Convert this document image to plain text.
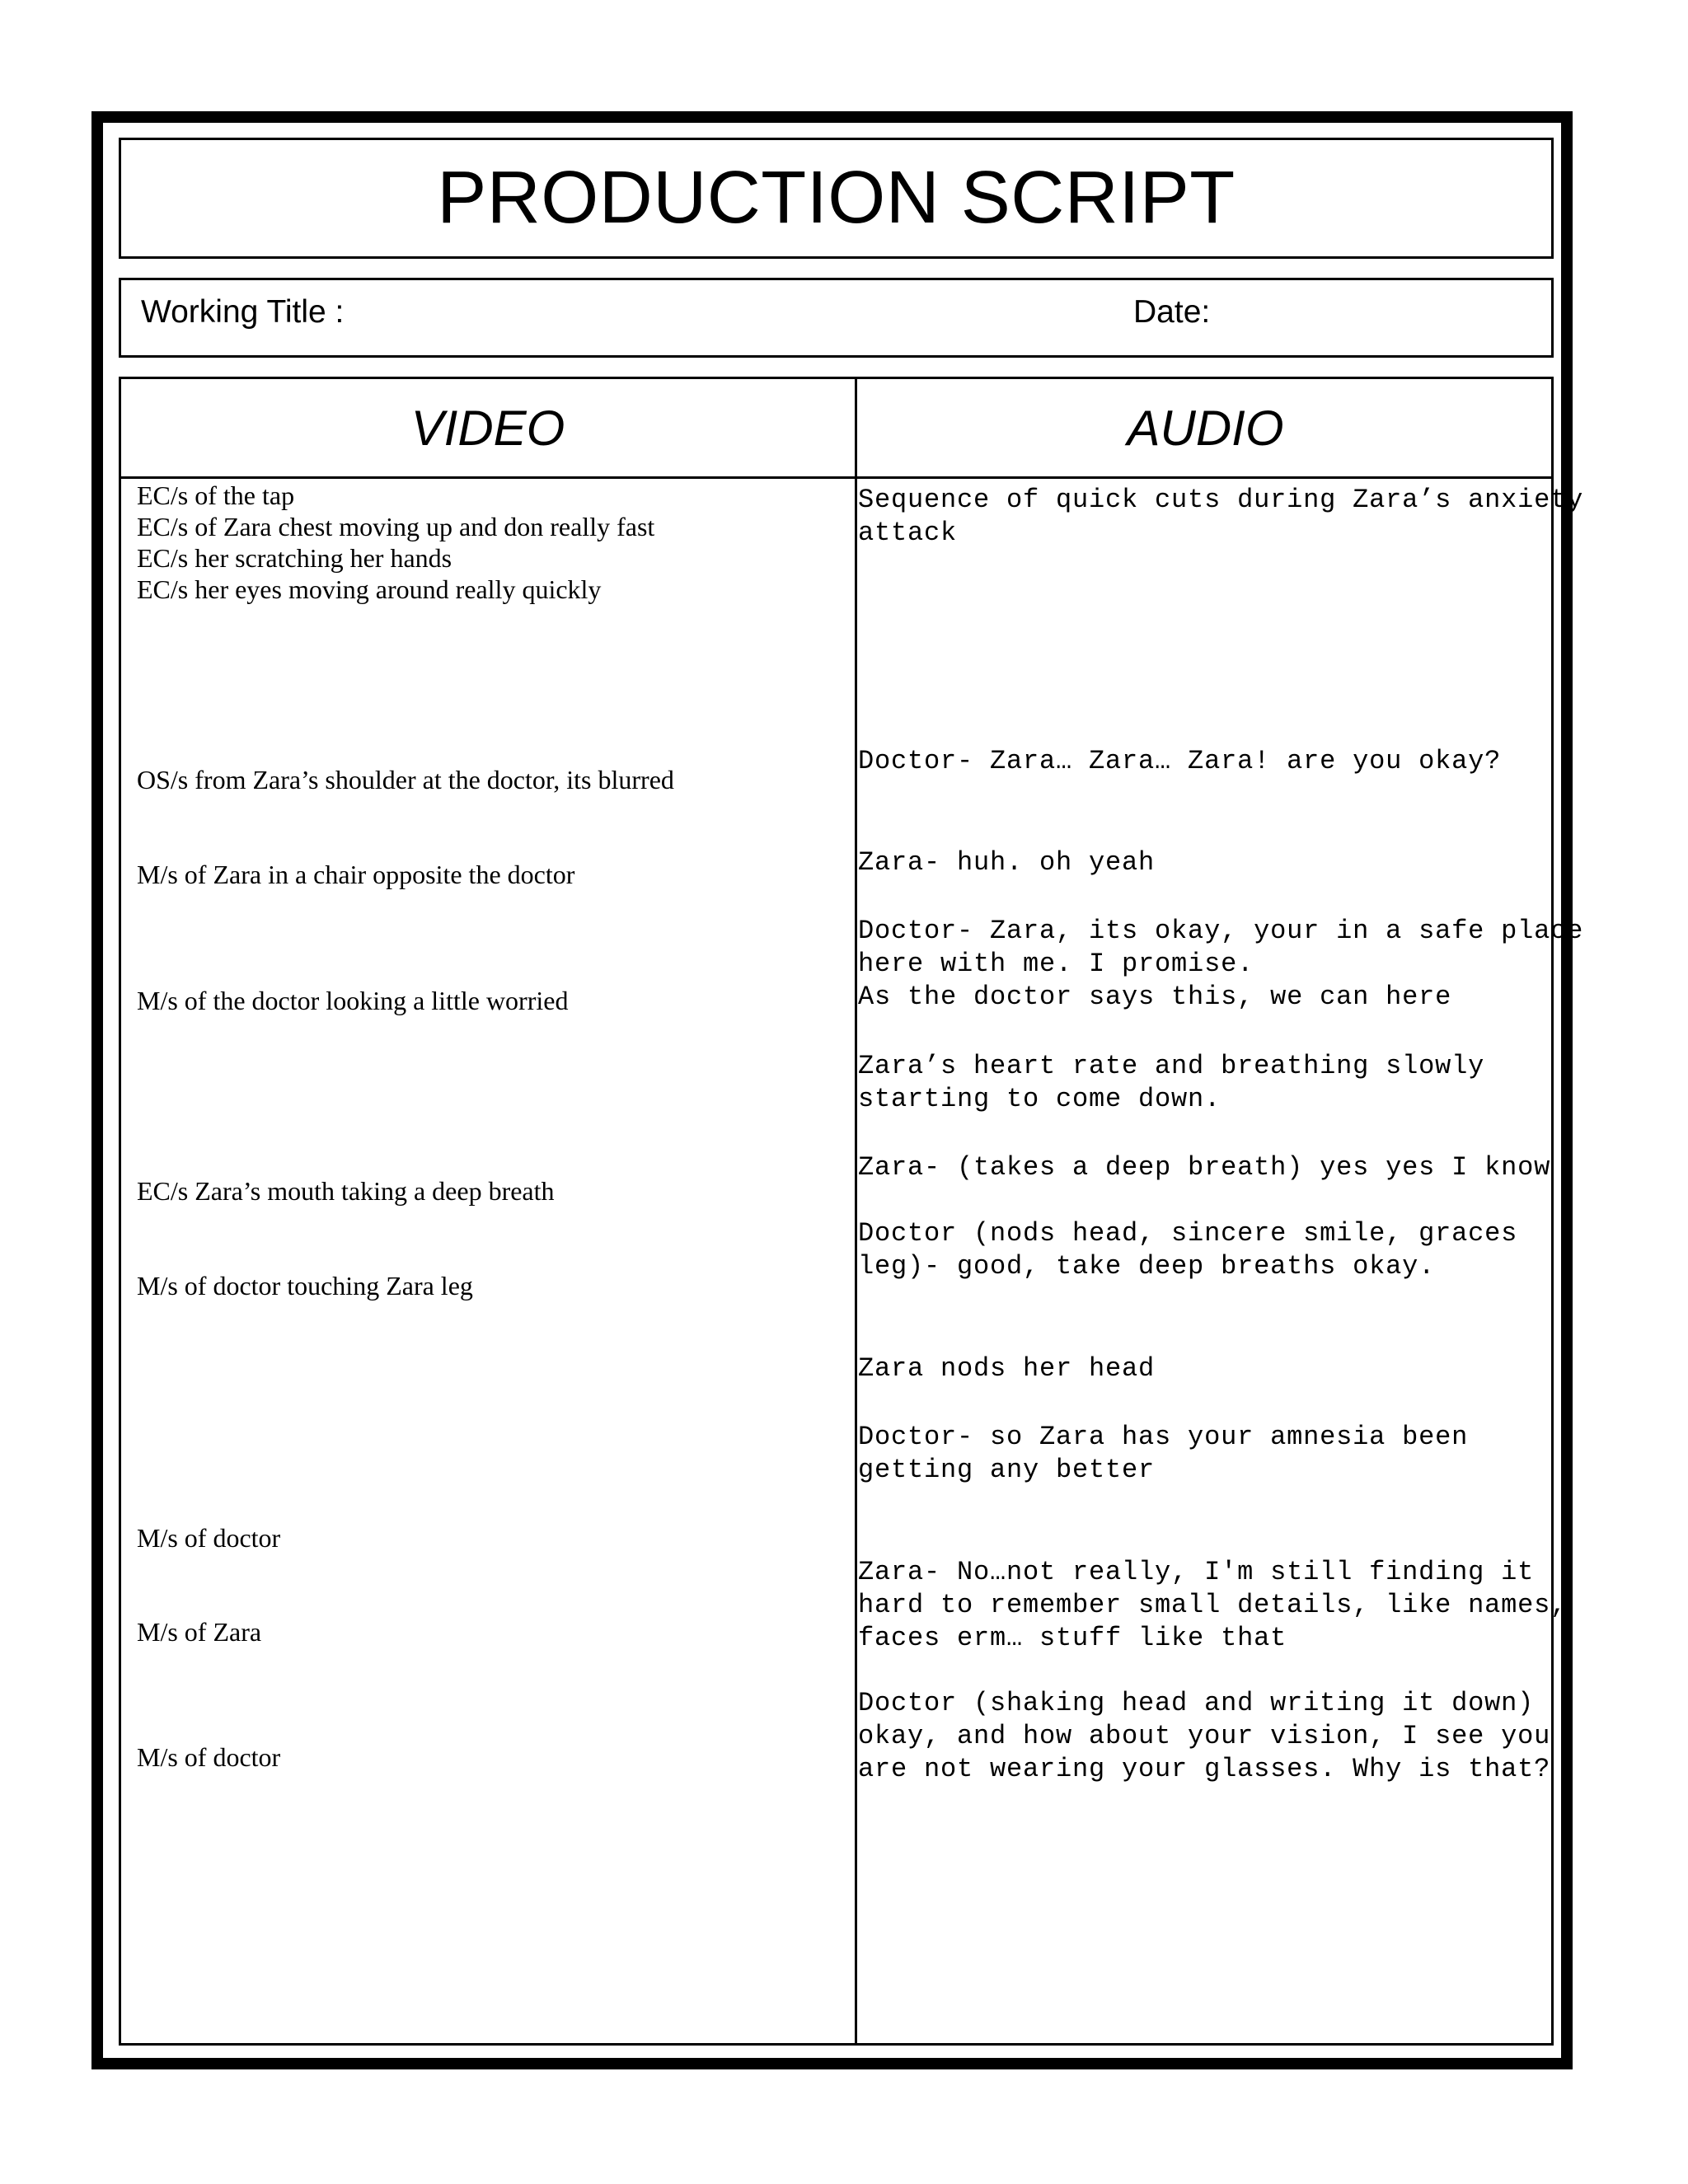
PRODUCTION SCRIPT
Working Title :	Date:
VIDEO	AUDIO
EC/s of the tap
EC/s of Zara chest moving up and don really fast
EC/s her scratching her hands
EC/s her eyes moving around really quickly
OS/s from Zara’s shoulder at the doctor, its blurred
M/s of Zara in a chair opposite the doctor
M/s of the doctor looking a little worried
EC/s Zara’s mouth taking a deep breath
M/s of doctor touching Zara leg
M/s of doctor
M/s of Zara
M/s of doctor
Sequence of quick cuts during Zara’s anxiety
attack
Doctor- Zara… Zara… Zara! are you okay?
Zara- huh. oh yeah
Doctor- Zara, its okay, your in a safe place
here with me. I promise.
As the doctor says this, we can here
Zara’s heart rate and breathing slowly
starting to come down.
Zara- (takes a deep breath) yes yes I know
Doctor (nods head, sincere smile, graces
leg)- good, take deep breaths okay.
Zara nods her head
Doctor- so Zara has your amnesia been
getting any better
Zara- No…not really, I'm still finding it
hard to remember small details, like names,
faces erm… stuff like that
Doctor (shaking head and writing it down)
okay, and how about your vision, I see you
are not wearing your glasses. Why is that?
